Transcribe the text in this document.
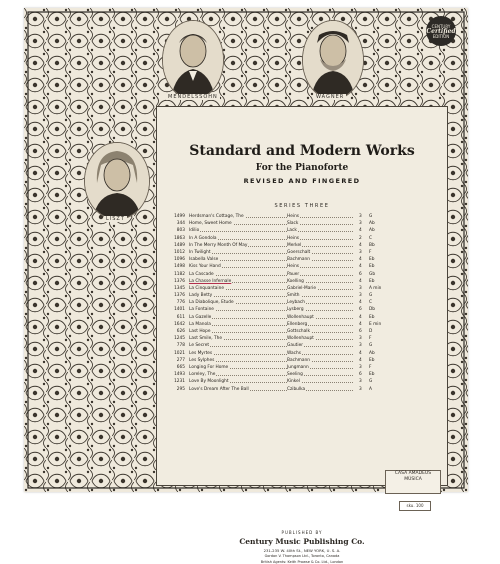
CENTURY
Certified
EDITION
MENDELSSOHN	WAGNER
LISZT
Standard and Modern Works
For the Pianoforte
REVISED AND FINGERED
SERIES THREE
1499 Herdsman's Cottage, The	Heins	3 G
344 Home, Sweet Home	Slack	3 Ab
803 Idilio	Lack	4 Ab
1863 In A Gondola	Heins	2 C
1489 In The Merry Month Of May	Merkel	4 Bb
1012 In Twilight	Goerschalt	3 F
1096 Isabella Valse	Bachmann	4 Eb
1498 Kiss Your Hand	Heins	4 Eb
1182 La Cascade	Pauer	6 Gb
1376 La Chasse Infernale	Koelling	4 Eb
1345 La Cinquantaine	Gabriel-Marie	3 A min
1376 Lady Betty	Smith	3 G
776 La Diabolique, Etude	Leybach	4 C
1401 La Fontaine	Lysberg	6 Db
611 La Gazelle	Wollenhaupt	4 Eb
1642 La Manola	Ellenberg	4 E min
626 Last Hope	Gottschalk	6 D
1245 Last Smile, The	Wollenhaupt	3 F
778 Le Secret	Gautier	3 G
1021 Les Myrtes	Wachs	4 Ab
277 Les Sylphes	Bachmann	4 Eb
665 Longing For Home	Jungmann	3 F
1493 Loreley, The	Seeling	6 Eb
1231 Love By Moonlight	Kinkel	3 G
295 Love's Dream After The Ball	Czibulka	3 A
CASA AMADEUS
MÚSICA
sku. 100
PUBLISHED BY
Century Music Publishing Co.
231-235 W. 40th St., NEW YORK, U. S. A.
Gordon V. Thompson Ltd., Toronto, Canada
British Agents: Keith Prowse & Co. Ltd., London
